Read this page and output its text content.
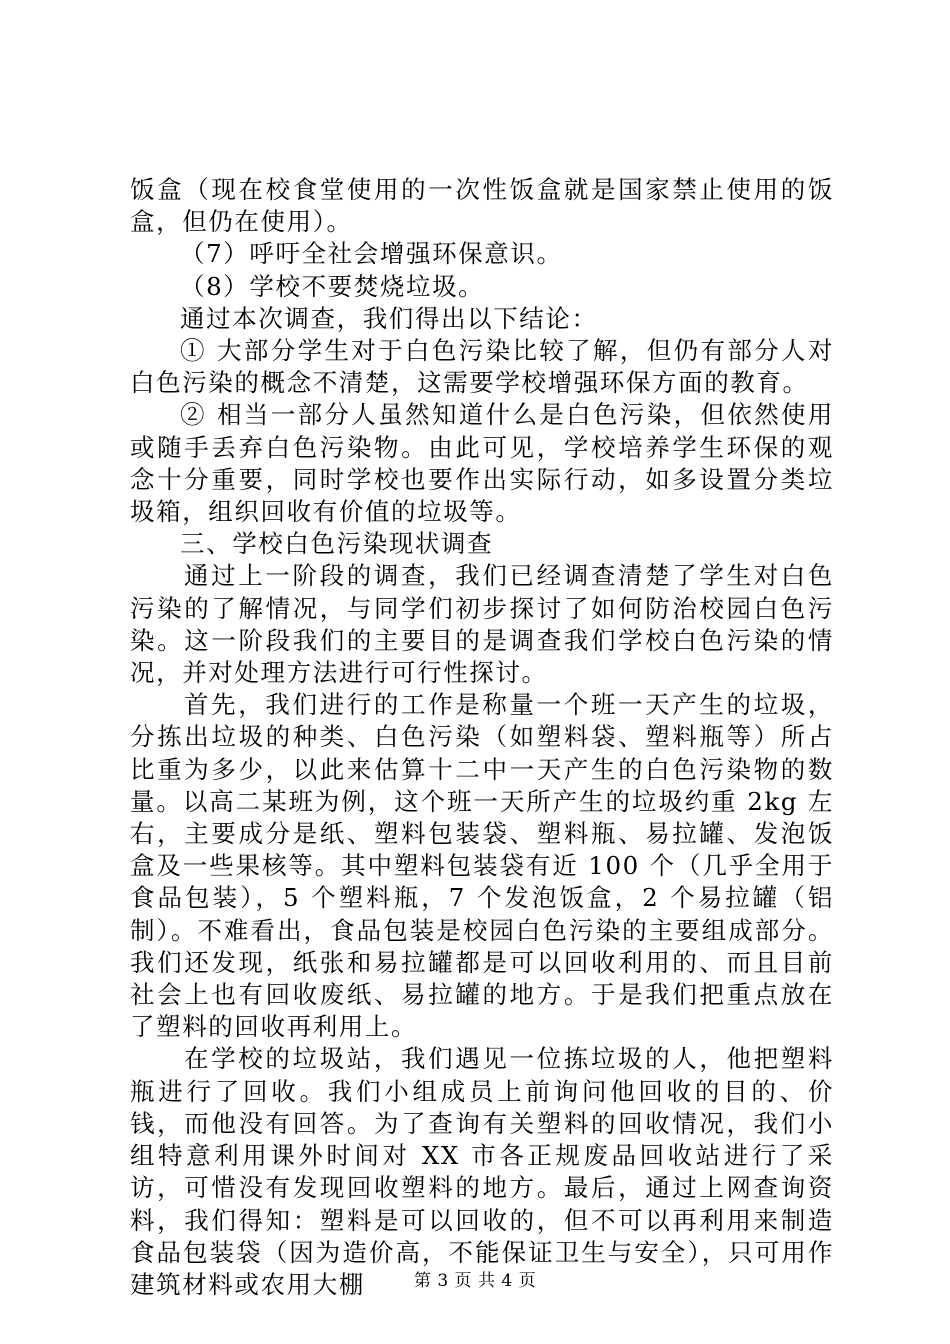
饭盒（现在校食堂使用的一次性饭盒就是国家禁止使用的饭盒，但仍在使用）。

（7）呼吁全社会增强环保意识。

（8）学校不要焚烧垃圾。

通过本次调查，我们得出以下结论：

① 大部分学生对于白色污染比较了解，但仍有部分人对白色污染的概念不清楚，这需要学校增强环保方面的教育。

② 相当一部分人虽然知道什么是白色污染，但依然使用或随手丢弃白色污染物。由此可见，学校培养学生环保的观念十分重要，同时学校也要作出实际行动，如多设置分类垃圾箱，组织回收有价值的垃圾等。

三、学校白色污染现状调查

通过上一阶段的调查，我们已经调查清楚了学生对白色污染的了解情况，与同学们初步探讨了如何防治校园白色污染。这一阶段我们的主要目的是调查我们学校白色污染的情况，并对处理方法进行可行性探讨。

首先，我们进行的工作是称量一个班一天产生的垃圾，分拣出垃圾的种类、白色污染（如塑料袋、塑料瓶等）所占比重为多少，以此来估算十二中一天产生的白色污染物的数量。以高二某班为例，这个班一天所产生的垃圾约重 2kg 左右，主要成分是纸、塑料包装袋、塑料瓶、易拉罐、发泡饭盒及一些果核等。其中塑料包装袋有近 100 个（几乎全用于食品包装），5 个塑料瓶，7 个发泡饭盒，2 个易拉罐（铝制）。不难看出，食品包装是校园白色污染的主要组成部分。我们还发现，纸张和易拉罐都是可以回收利用的、而且目前社会上也有回收废纸、易拉罐的地方。于是我们把重点放在了塑料的回收再利用上。

在学校的垃圾站，我们遇见一位拣垃圾的人，他把塑料瓶进行了回收。我们小组成员上前询问他回收的目的、价钱，而他没有回答。为了查询有关塑料的回收情况，我们小组特意利用课外时间对 XX 市各正规废品回收站进行了采访，可惜没有发现回收塑料的地方。最后，通过上网查询资料，我们得知：塑料是可以回收的，但不可以再利用来制造食品包装袋（因为造价高，不能保证卫生与安全），只可用作建筑材料或农用大棚	第 3 页 共 4 页
